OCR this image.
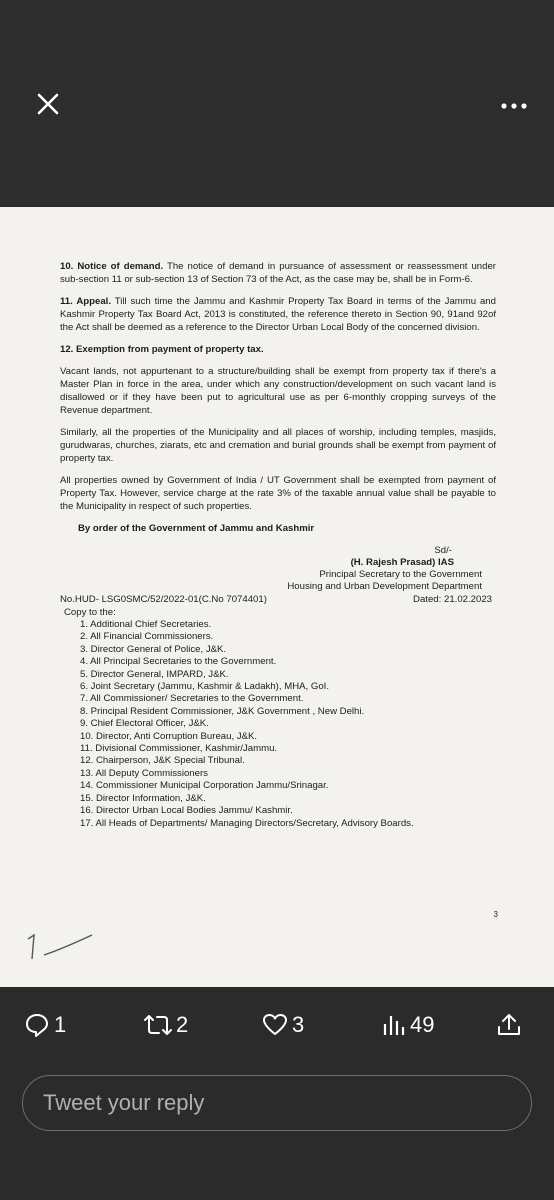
10. Notice of demand. The notice of demand in pursuance of assessment or reassessment under sub-section 11 or sub-section 13 of Section 73 of the Act, as the case may be, shall be in Form-6.

11. Appeal. Till such time the Jammu and Kashmir Property Tax Board in terms of the Jammu and Kashmir Property Tax Board Act, 2013 is constituted, the reference thereto in Section 90, 91and 92of the Act shall be deemed as a reference to the Director Urban Local Body of the concerned division.

12. Exemption from payment of property tax.

Vacant lands, not appurtenant to a structure/building shall be exempt from property tax if there's a Master Plan in force in the area, under which any construction/development on such vacant land is disallowed or if they have been put to agricultural use as per 6-monthly cropping surveys of the Revenue department.

Similarly, all the properties of the Municipality and all places of worship, including temples, masjids, gurudwaras, churches, ziarats, etc and cremation and burial grounds shall be exempt from payment of property tax.

All properties owned by Government of India / UT Government shall be exempted from payment of Property Tax. However, service charge at the rate 3% of the taxable annual value shall be payable to the Municipality in respect of such properties.

By order of the Government of Jammu and Kashmir
Sd/-
(H. Rajesh Prasad) IAS
Principal Secretary to the Government
Housing and Urban Development Department
No.HUD- LSG0SMC/52/2022-01(C.No 7074401)	Dated: 21.02.2023
Copy to the:
1. Additional Chief Secretaries.
2. All Financial Commissioners.
3. Director General of Police, J&K.
4. All Principal Secretaries to the Government.
5. Director General, IMPARD, J&K.
6. Joint Secretary (Jammu, Kashmir & Ladakh), MHA, GoI.
7. All Commissioner/ Secretaries to the Government.
8. Principal Resident Commissioner, J&K Government , New Delhi.
9. Chief Electoral Officer, J&K.
10. Director, Anti Corruption Bureau, J&K.
11. Divisional Commissioner, Kashmir/Jammu.
12. Chairperson, J&K Special Tribunal.
13. All Deputy Commissioners
14. Commissioner Municipal Corporation Jammu/Srinagar.
15. Director Information, J&K.
16. Director Urban Local Bodies Jammu/ Kashmir.
17. All Heads of Departments/ Managing Directors/Secretary, Advisory Boards.
3
1	2	3	49
Tweet your reply
